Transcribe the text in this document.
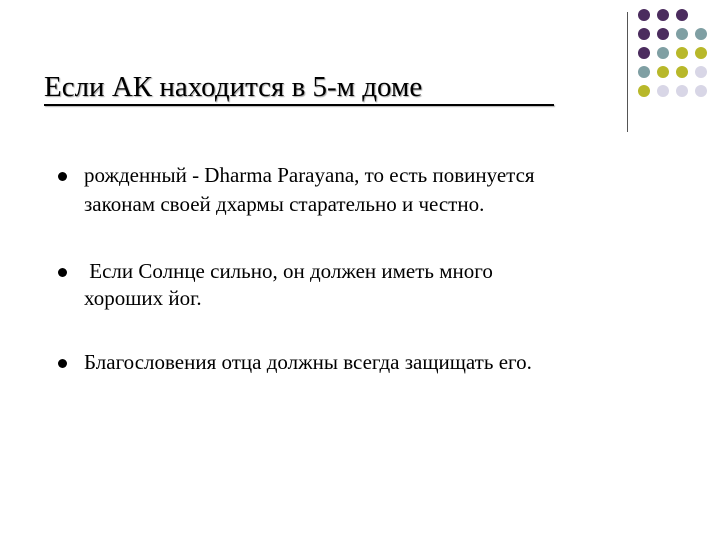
Если АК находится в 5-м доме
рожденный - Dharma Parayana, то есть повинуется
законам своей дхармы старательно и честно.
Если Солнце сильно, он должен иметь много
хороших йог.
Благословения отца должны всегда защищать его.
